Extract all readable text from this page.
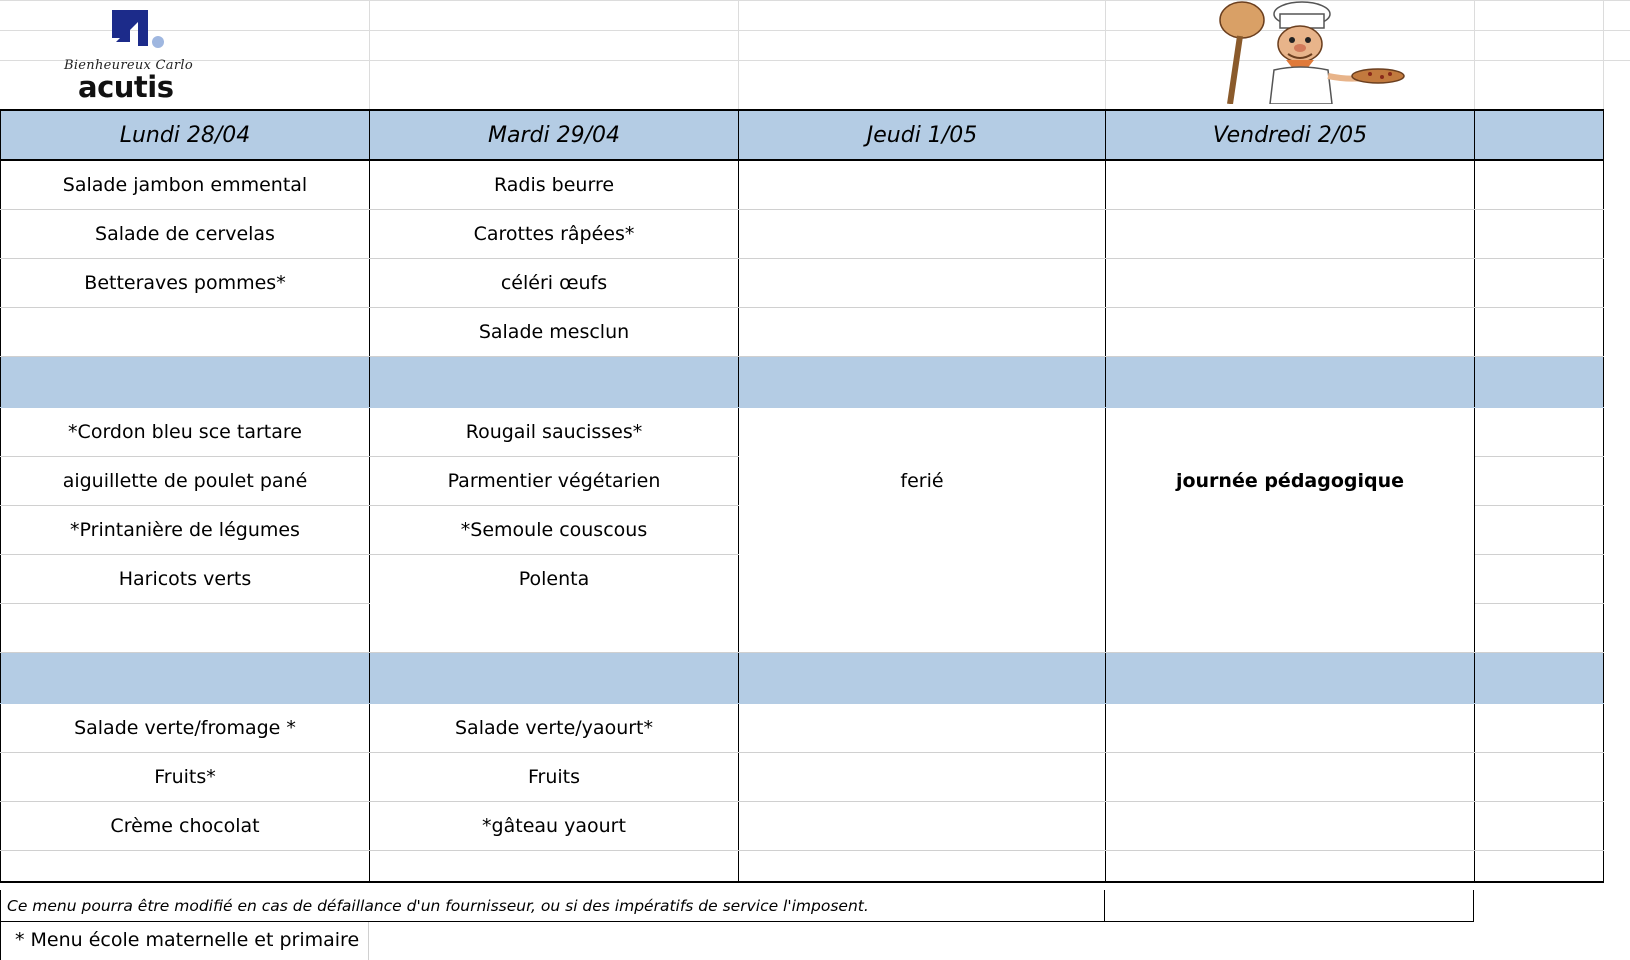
Bienheureux Carlo
acutis
Lundi 28/04	Mardi 29/04	Jeudi 1/05	Vendredi 2/05	
Salade jambon emmental	Radis beurre			
Salade de cervelas	Carottes râpées*			
Betteraves pommes*	céléri œufs			
	Salade mesclun			

*Cordon bleu sce tartare	Rougail saucisses*			
aiguillette de poulet pané	Parmentier végétarien	ferié	journée pédagogique	
*Printanière de légumes	*Semoule couscous			
Haricots verts	Polenta			

Salade verte/fromage *	Salade verte/yaourt*			
Fruits*	Fruits			
Crème chocolat	*gâteau yaourt			

Ce menu pourra être modifié en cas de défaillance d'un fournisseur, ou si des impératifs de service l'imposent.
* Menu école maternelle et primaire
